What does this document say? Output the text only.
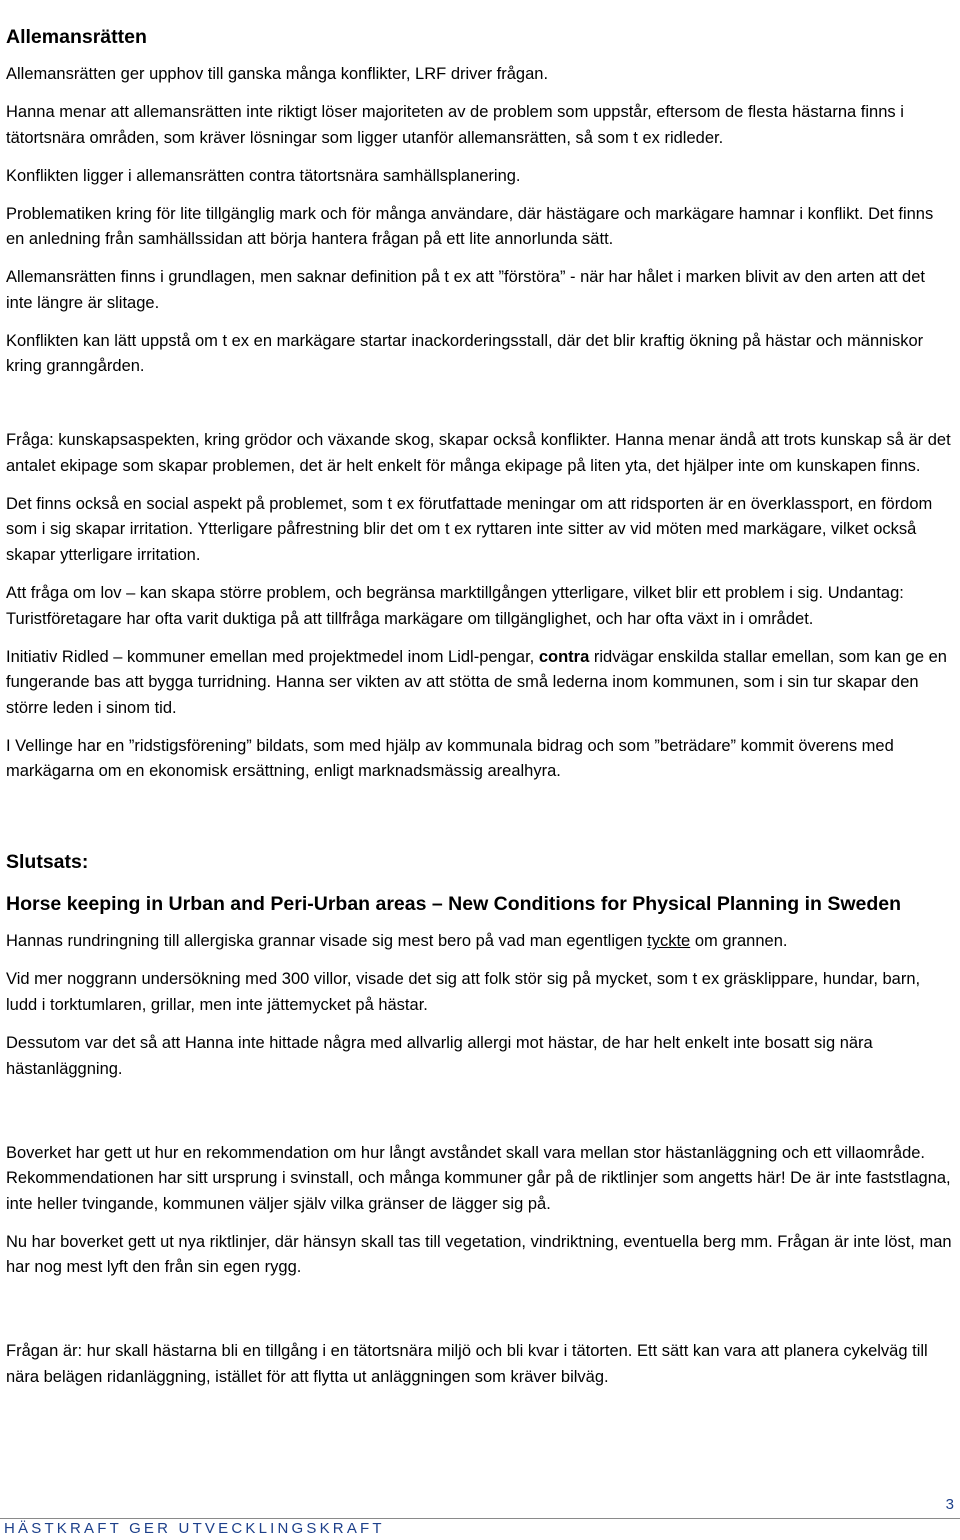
Allemansrätten

Allemansrätten ger upphov till ganska många konflikter, LRF driver frågan.

Hanna menar att allemansrätten inte riktigt löser majoriteten av de problem som uppstår, eftersom de flesta hästarna finns i tätortsnära områden, som kräver lösningar som ligger utanför allemansrätten, så som t ex ridleder.

Konflikten ligger i allemansrätten contra tätortsnära samhällsplanering.

Problematiken kring för lite tillgänglig mark och för många användare, där hästägare och markägare hamnar i konflikt. Det finns en anledning från samhällssidan att börja hantera frågan på ett lite annorlunda sätt.

Allemansrätten finns i grundlagen, men saknar definition på t ex att ”förstöra” - när har hålet i marken blivit av den arten att det inte längre är slitage.

Konflikten kan lätt uppstå om t ex en markägare startar inackorderingsstall, där det blir kraftig ökning på hästar och människor kring granngården.

Fråga: kunskapsaspekten, kring grödor och växande skog, skapar också konflikter. Hanna menar ändå att trots kunskap så är det antalet ekipage som skapar problemen, det är helt enkelt för många ekipage på liten yta, det hjälper inte om kunskapen finns.

Det finns också en social aspekt på problemet, som t ex förutfattade meningar om att ridsporten är en överklassport, en fördom som i sig skapar irritation. Ytterligare påfrestning blir det om t ex ryttaren inte sitter av vid möten med markägare, vilket också skapar ytterligare irritation.

Att fråga om lov – kan skapa större problem, och begränsa marktillgången ytterligare, vilket blir ett problem i sig. Undantag: Turistföretagare har ofta varit duktiga på att tillfråga markägare om tillgänglighet, och har ofta växt in i området.

Initiativ Ridled – kommuner emellan med projektmedel inom Lidl-pengar, contra ridvägar enskilda stallar emellan, som kan ge en fungerande bas att bygga turridning. Hanna ser vikten av att stötta de små lederna inom kommunen, som i sin tur skapar den större leden i sinom tid.

I Vellinge har en ”ridstigsförening” bildats, som med hjälp av kommunala bidrag och som ”beträdare” kommit överens med markägarna om en ekonomisk ersättning, enligt marknadsmässig arealhyra.

Slutsats:
Horse keeping in Urban and Peri-Urban areas – New Conditions for Physical Planning in Sweden

Hannas rundringning till allergiska grannar visade sig mest bero på vad man egentligen tyckte om grannen.

Vid mer noggrann undersökning med 300 villor, visade det sig att folk stör sig på mycket, som t ex gräsklippare, hundar, barn, ludd i torktumlaren, grillar, men inte jättemycket på hästar.

Dessutom var det så att Hanna inte hittade några med allvarlig allergi mot hästar, de har helt enkelt inte bosatt sig nära hästanläggning.

Boverket har gett ut hur en rekommendation om hur långt avståndet skall vara mellan stor hästanläggning och ett villaområde. Rekommendationen har sitt ursprung i svinstall, och många kommuner går på de riktlinjer som angetts här! De är inte faststlagna, inte heller tvingande, kommunen väljer själv vilka gränser de lägger sig på.

Nu har boverket gett ut nya riktlinjer, där hänsyn skall tas till vegetation, vindriktning, eventuella berg mm. Frågan är inte löst, man har nog mest lyft den från sin egen rygg.

Frågan är: hur skall hästarna bli en tillgång i en tätortsnära miljö och bli kvar i tätorten. Ett sätt kan vara att planera cykelväg till nära belägen ridanläggning, istället för att flytta ut anläggningen som kräver bilväg.

3
HÄSTKRAFT GER UTVECKLINGSKRAFT
